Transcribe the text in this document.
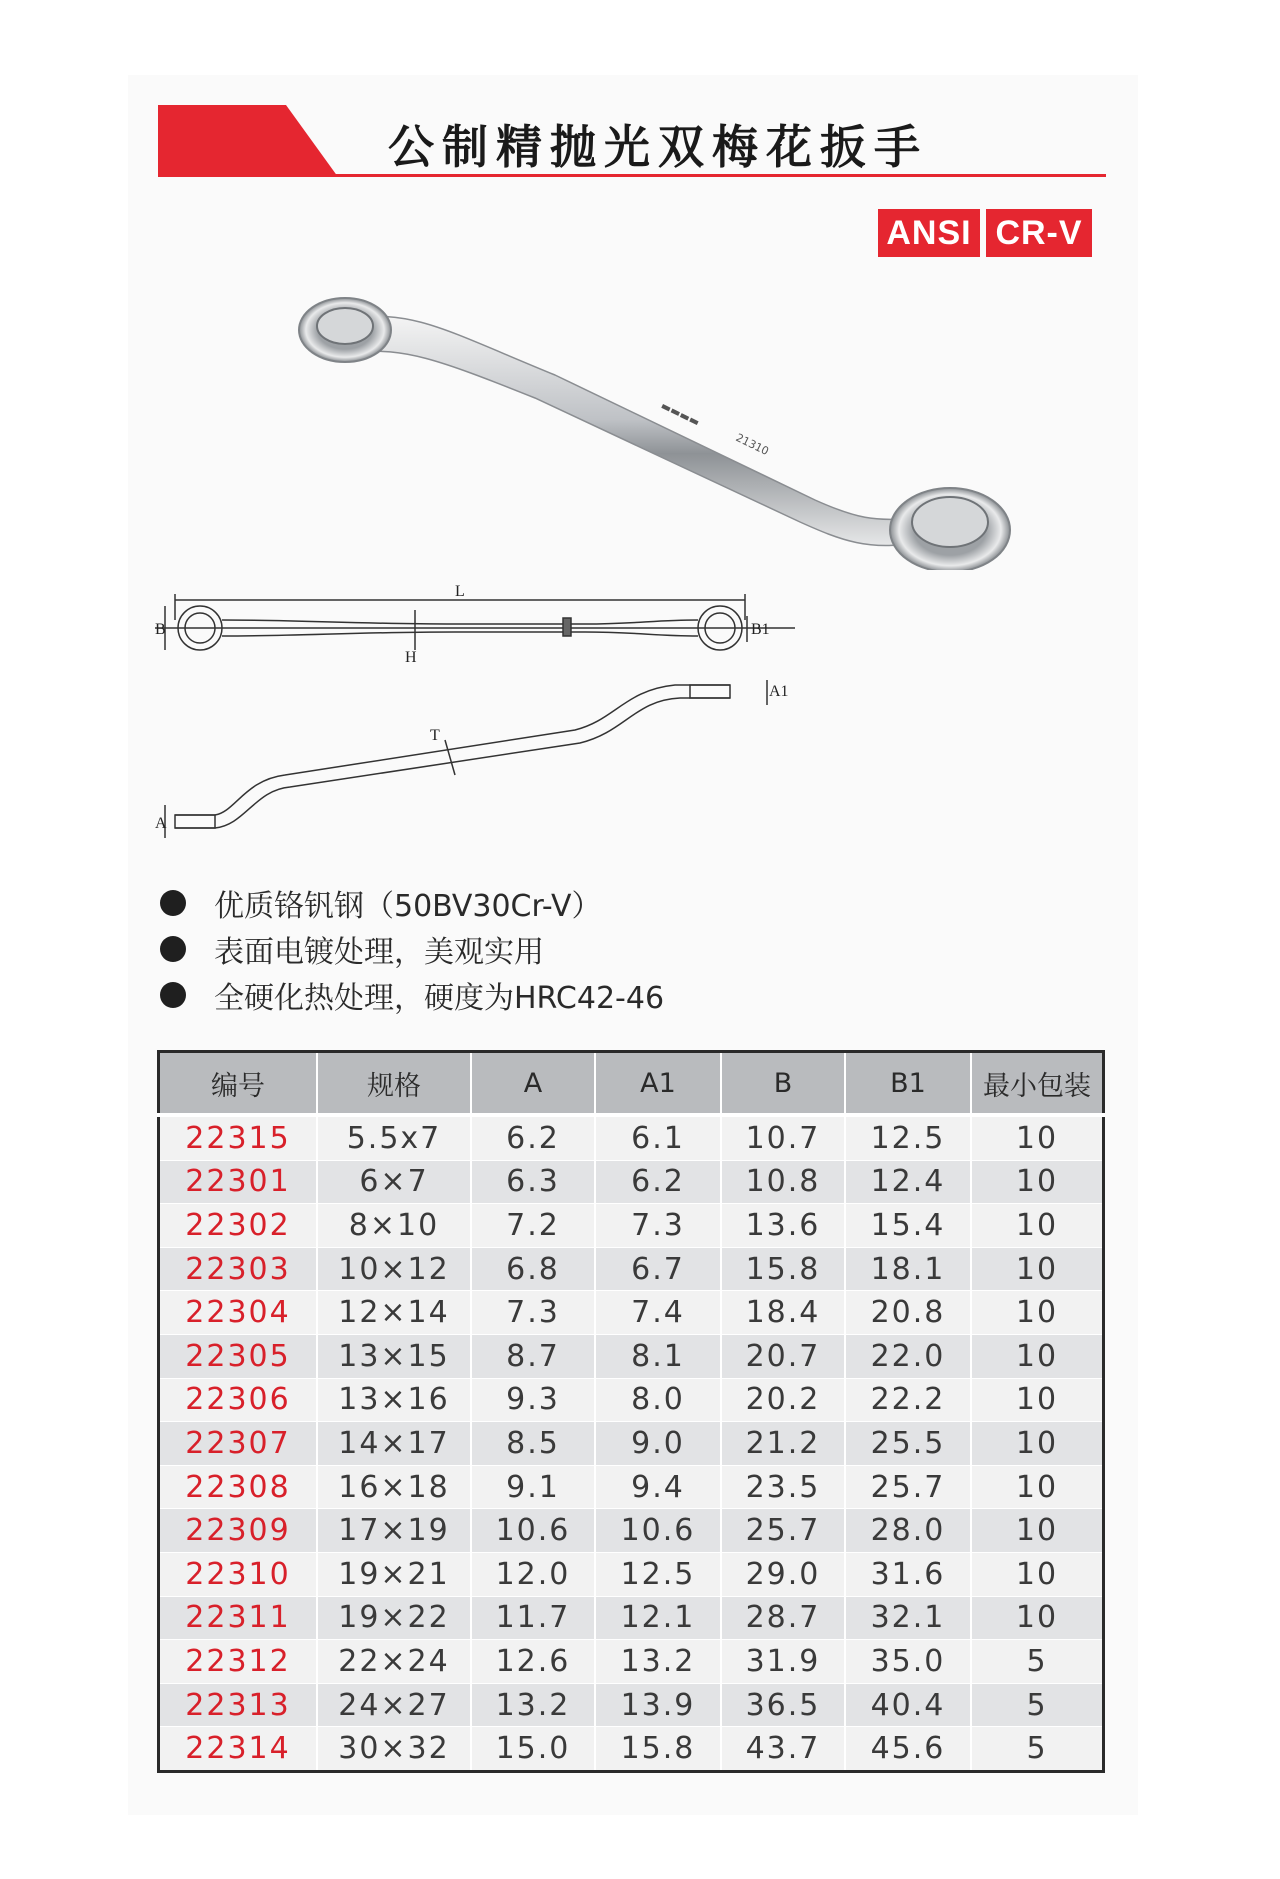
公制精抛光双梅花扳手
ANSI CR-V
▬▬▬▬
21310
L
B	B1
H
T
A
A1
优质铬钒钢（50BV30Cr-V）
表面电镀处理，美观实用
全硬化热处理，硬度为HRC42-46
编号	规格	A	A1	B	B1	最小包装
22315	5.5x7	6.2	6.1	10.7	12.5	10
22301	6×7	6.3	6.2	10.8	12.4	10
22302	8×10	7.2	7.3	13.6	15.4	10
22303	10×12	6.8	6.7	15.8	18.1	10
22304	12×14	7.3	7.4	18.4	20.8	10
22305	13×15	8.7	8.1	20.7	22.0	10
22306	13×16	9.3	8.0	20.2	22.2	10
22307	14×17	8.5	9.0	21.2	25.5	10
22308	16×18	9.1	9.4	23.5	25.7	10
22309	17×19	10.6	10.6	25.7	28.0	10
22310	19×21	12.0	12.5	29.0	31.6	10
22311	19×22	11.7	12.1	28.7	32.1	10
22312	22×24	12.6	13.2	31.9	35.0	5
22313	24×27	13.2	13.9	36.5	40.4	5
22314	30×32	15.0	15.8	43.7	45.6	5
